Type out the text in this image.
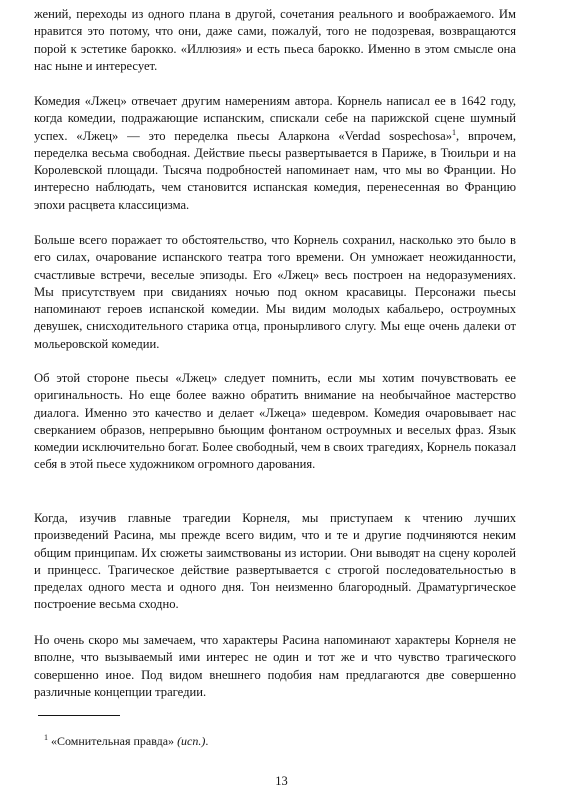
жений, переходы из одного плана в другой, сочетания реального и воображаемого. Им нравится это потому, что они, даже сами, пожалуй, того не подозревая, возвращаются порой к эстетике барокко. «Иллюзия» и есть пьеса барокко. Именно в этом смысле она нас ныне и интересует.

Комедия «Лжец» отвечает другим намерениям автора. Корнель написал ее в 1642 году, когда комедии, подражающие испанским, спискали себе на парижской сцене шумный успех. «Лжец» — это переделка пьесы Аларкона «Verdad sospechosa»$^1$, впрочем, переделка весьма свободная. Действие пьесы развертывается в Париже, в Тюильри и на Королевской площади. Тысяча подробностей напоминает нам, что мы во Франции. Но интересно наблюдать, чем становится испанская комедия, перенесенная во Францию эпохи расцвета классицизма.

Больше всего поражает то обстоятельство, что Корнель сохранил, насколько это было в его силах, очарование испанского театра того времени. Он умножает неожиданности, счастливые встречи, веселые эпизоды. Его «Лжец» весь построен на недоразумениях. Мы присутствуем при свиданиях ночью под окном красавицы. Персонажи пьесы напоминают героев испанской комедии. Мы видим молодых кабальеро, остроумных девушек, снисходительного старика отца, пронырливого слугу. Мы еще очень далеки от мольеровской комедии.

Об этой стороне пьесы «Лжец» следует помнить, если мы хотим почувствовать ее оригинальность. Но еще более важно обратить внимание на необычайное мастерство диалога. Именно это качество и делает «Лжеца» шедевром. Комедия очаровывает нас сверканием образов, непрерывно бьющим фонтаном остроумных и веселых фраз. Язык комедии исключительно богат. Более свободный, чем в своих трагедиях, Корнель показал себя в этой пьесе художником огромного дарования.

Когда, изучив главные трагедии Корнеля, мы приступаем к чтению лучших произведений Расина, мы прежде всего видим, что и те и другие подчиняются неким общим принципам. Их сюжеты заимствованы из истории. Они выводят на сцену королей и принцесс. Трагическое действие развертывается с строгой последовательностью в пределах одного места и одного дня. Тон неизменно благородный. Драматургическое построение весьма сходно.

Но очень скоро мы замечаем, что характеры Расина напоминают характеры Корнеля не вполне, что вызываемый ими интерес не один и тот же и что чувство трагического совершенно иное. Под видом внешнего подобия нам предлагаются две совершенно различные концепции трагедии.

$^1$ «Сомнительная правда» (исп.).

13
